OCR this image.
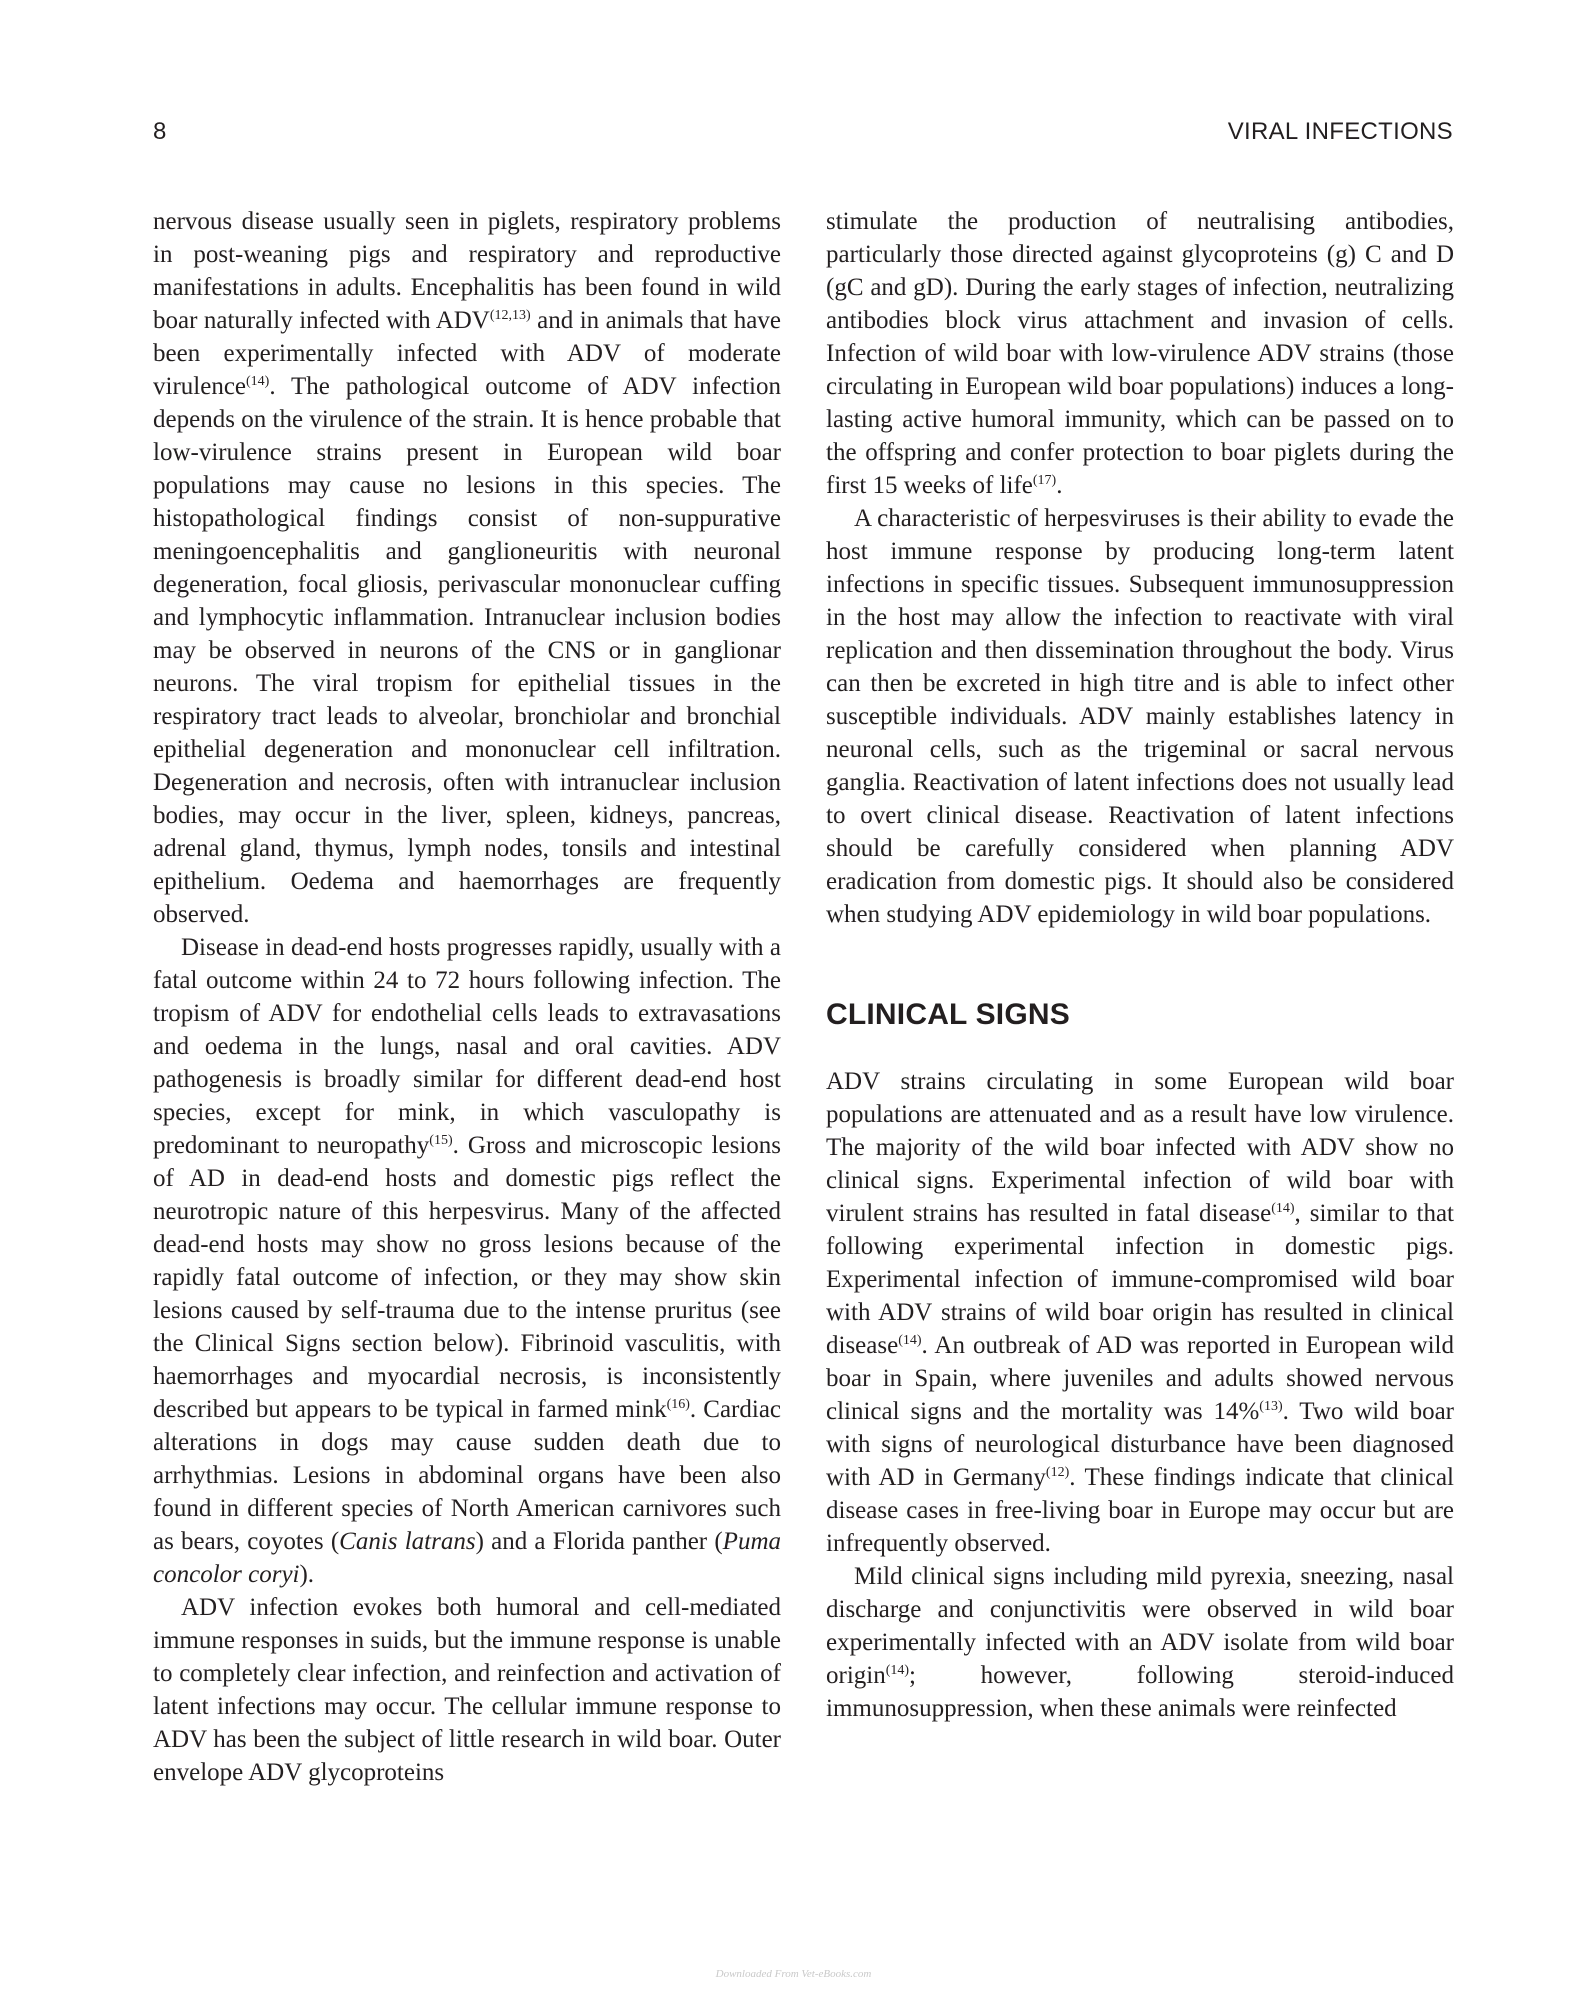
8	VIRAL INFECTIONS

nervous disease usually seen in piglets, respiratory problems in post-weaning pigs and respiratory and reproductive manifestations in adults. Encephalitis has been found in wild boar naturally infected with ADV$^{(12,13)}$ and in animals that have been experimentally infected with ADV of moderate virulence$^{(14)}$. The pathological outcome of ADV infection depends on the virulence of the strain. It is hence probable that low-virulence strains present in European wild boar populations may cause no lesions in this species. The histopathological findings consist of non-suppurative meningoencephalitis and ganglioneuritis with neuronal degeneration, focal gliosis, perivascular mononuclear cuffing and lymphocytic inflammation. Intranuclear inclusion bodies may be observed in neurons of the CNS or in ganglionar neurons. The viral tropism for epithelial tissues in the respiratory tract leads to alveolar, bronchiolar and bronchial epithelial degeneration and mononuclear cell infiltration. Degeneration and necrosis, often with intranuclear inclusion bodies, may occur in the liver, spleen, kidneys, pancreas, adrenal gland, thymus, lymph nodes, tonsils and intestinal epithelium. Oedema and haemorrhages are frequently observed.

Disease in dead-end hosts progresses rapidly, usually with a fatal outcome within 24 to 72 hours following infection. The tropism of ADV for endothelial cells leads to extravasations and oedema in the lungs, nasal and oral cavities. ADV pathogenesis is broadly similar for different dead-end host species, except for mink, in which vasculopathy is predominant to neuropathy$^{(15)}$. Gross and microscopic lesions of AD in dead-end hosts and domestic pigs reflect the neurotropic nature of this herpesvirus. Many of the affected dead-end hosts may show no gross lesions because of the rapidly fatal outcome of infection, or they may show skin lesions caused by self-trauma due to the intense pruritus (see the Clinical Signs section below). Fibrinoid vasculitis, with haemorrhages and myocardial necrosis, is inconsistently described but appears to be typical in farmed mink$^{(16)}$. Cardiac alterations in dogs may cause sudden death due to arrhythmias. Lesions in abdominal organs have been also found in different species of North American carnivores such as bears, coyotes (Canis latrans) and a Florida panther (Puma concolor coryi).

ADV infection evokes both humoral and cell-mediated immune responses in suids, but the immune response is unable to completely clear infection, and reinfection and activation of latent infections may occur. The cellular immune response to ADV has been the subject of little research in wild boar. Outer envelope ADV glycoproteins

stimulate the production of neutralising antibodies, particularly those directed against glycoproteins (g) C and D (gC and gD). During the early stages of infection, neutralizing antibodies block virus attachment and invasion of cells. Infection of wild boar with low-virulence ADV strains (those circulating in European wild boar populations) induces a long-lasting active humoral immunity, which can be passed on to the offspring and confer protection to boar piglets during the first 15 weeks of life$^{(17)}$.

A characteristic of herpesviruses is their ability to evade the host immune response by producing long-term latent infections in specific tissues. Subsequent immunosuppression in the host may allow the infection to reactivate with viral replication and then dissemination throughout the body. Virus can then be excreted in high titre and is able to infect other susceptible individuals. ADV mainly establishes latency in neuronal cells, such as the trigeminal or sacral nervous ganglia. Reactivation of latent infections does not usually lead to overt clinical disease. Reactivation of latent infections should be carefully considered when planning ADV eradication from domestic pigs. It should also be considered when studying ADV epidemiology in wild boar populations.

CLINICAL SIGNS

ADV strains circulating in some European wild boar populations are attenuated and as a result have low virulence. The majority of the wild boar infected with ADV show no clinical signs. Experimental infection of wild boar with virulent strains has resulted in fatal disease$^{(14)}$, similar to that following experimental infection in domestic pigs. Experimental infection of immune-compromised wild boar with ADV strains of wild boar origin has resulted in clinical disease$^{(14)}$. An outbreak of AD was reported in European wild boar in Spain, where juveniles and adults showed nervous clinical signs and the mortality was 14%$^{(13)}$. Two wild boar with signs of neurological disturbance have been diagnosed with AD in Germany$^{(12)}$. These findings indicate that clinical disease cases in free-living boar in Europe may occur but are infrequently observed.

Mild clinical signs including mild pyrexia, sneezing, nasal discharge and conjunctivitis were observed in wild boar experimentally infected with an ADV isolate from wild boar origin$^{(14)}$; however, following steroid-induced immunosuppression, when these animals were reinfected

Downloaded From Vet-eBooks.com
